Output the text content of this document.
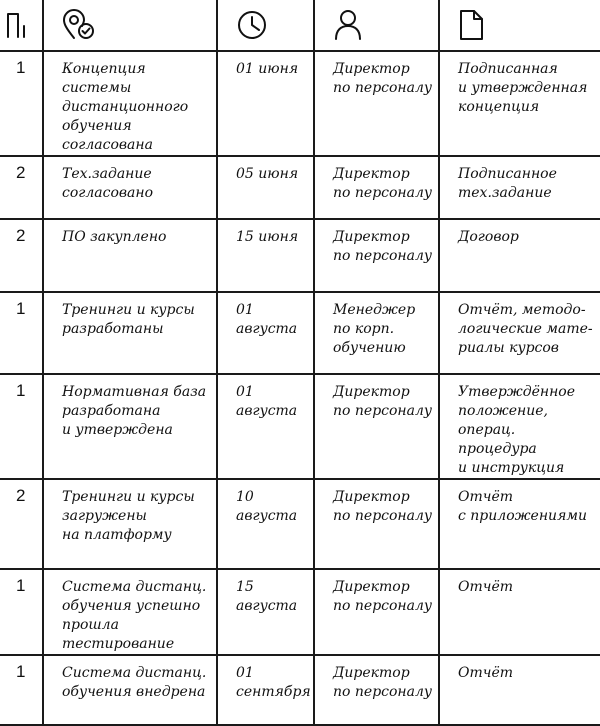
1	Концепция системы
дистанционного
обучения согласована	01 июня	Директор
по персоналу	Подписанная
и утвержденная
концепция

2	Тех.задание
согласовано	05 июня	Директор
по персоналу	Подписанное
тех.задание

2	ПО закуплено	15 июня	Директор
по персоналу	Договор

1	Тренинги и курсы
разработаны	01
августа	Менеджер
по корп.
обучению	Отчёт, методо-
логические мате-
риалы курсов

1	Нормативная база
разработана
и утверждена	01
августа	Директор
по персоналу	Утверждённое
положение, операц.
процедура
и инструкция

2	Тренинги и курсы
загружены
на платформу	10
августа	Директор
по персоналу	Отчёт
с приложениями

1	Система дистанц.
обучения успешно
прошла тестирование	15
августа	Директор
по персоналу	Отчёт

1	Система дистанц.
обучения внедрена	01
сентября	Директор
по персоналу	Отчёт
